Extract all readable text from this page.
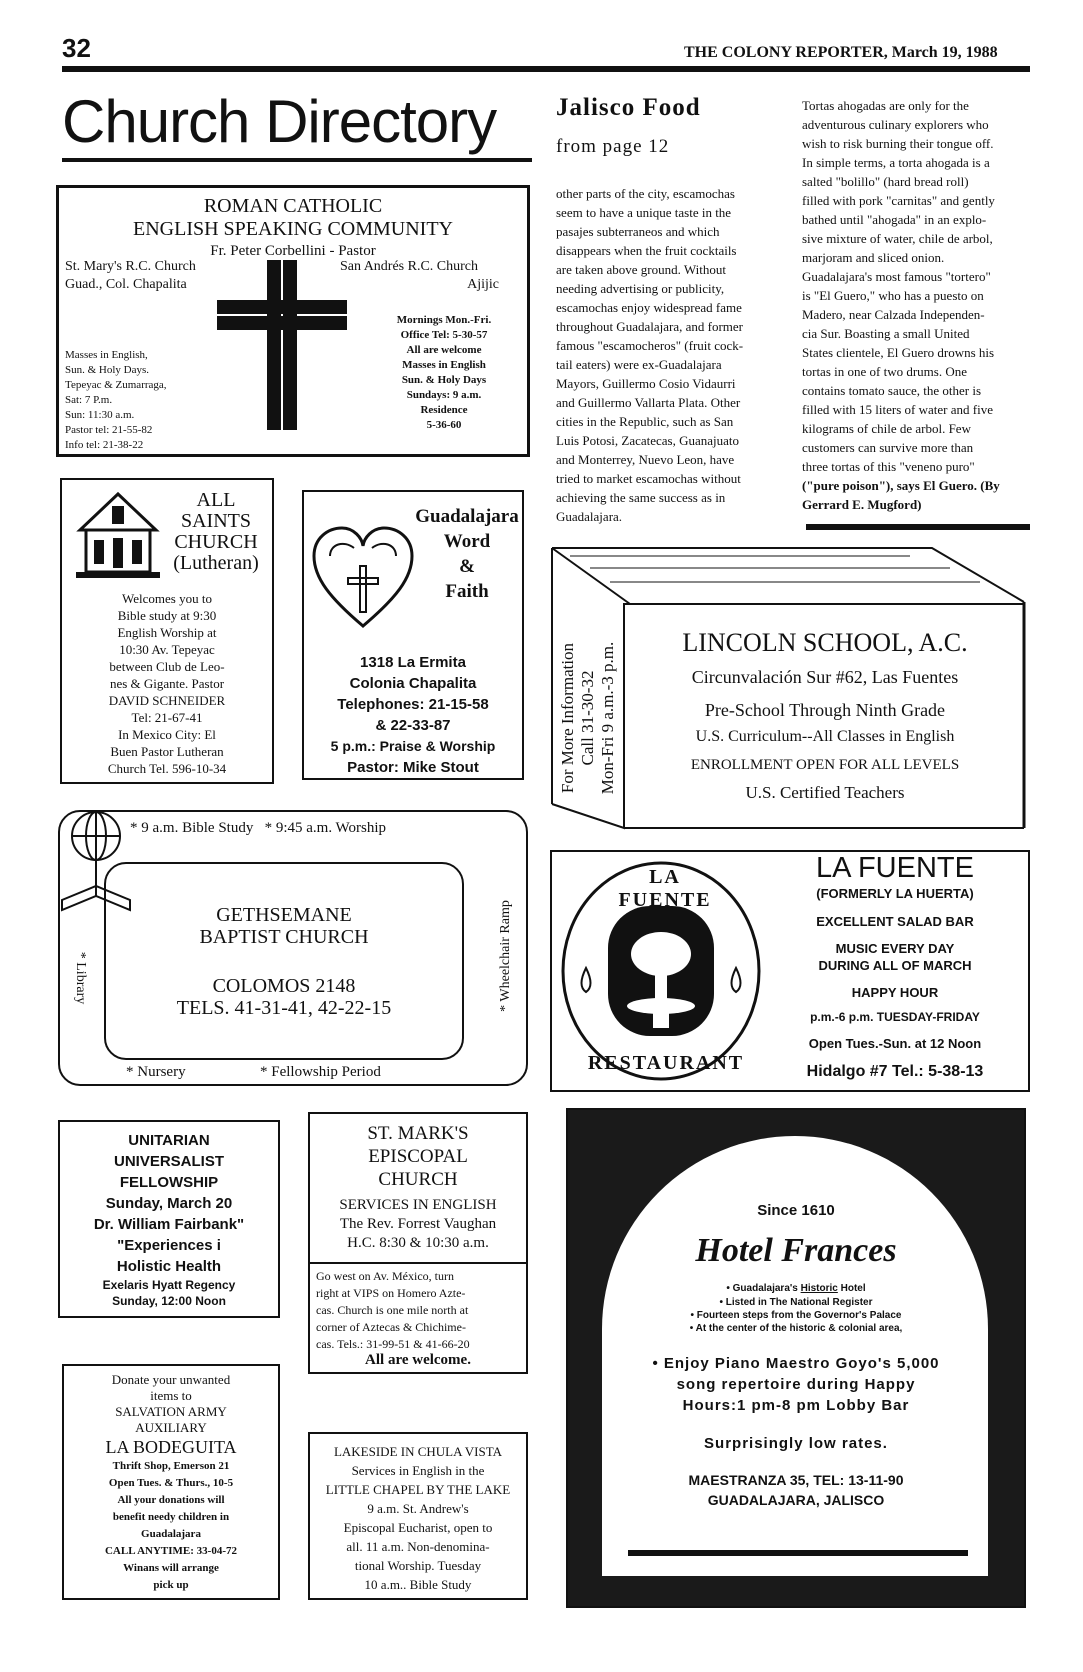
32	THE COLONY REPORTER, March 19, 1988
Church Directory
ROMAN CATHOLIC
ENGLISH SPEAKING COMMUNITY
Fr. Peter Corbellini - Pastor
St. Mary's R.C. Church
Guad., Col. Chapalita
San Andrés R.C. Church
Ajijic
Masses in English,
Sun. & Holy Days.
Tepeyac & Zumarraga,
Sat: 7 P.m.
Sun: 11:30 a.m.
Pastor tel: 21-55-82
Info tel: 21-38-22
Mornings Mon.-Fri.
Office Tel: 5-30-57
All are welcome
Masses in English
Sun. & Holy Days
Sundays: 9 a.m.
Residence
5-36-60
ALL
SAINTS
CHURCH
(Lutheran)
Welcomes you to
Bible study at 9:30
English Worship at
10:30 Av. Tepeyac
between Club de Leo-
nes & Gigante. Pastor
DAVID SCHNEIDER
Tel: 21-67-41
In Mexico City: El
Buen Pastor Lutheran
Church Tel. 596-10-34
Guadalajara
Word
&
Faith
1318 La Ermita
Colonia Chapalita
Telephones: 21-15-58
& 22-33-87
5 p.m.: Praise & Worship
Pastor: Mike Stout
* 9 a.m. Bible Study   * 9:45 a.m. Worship
GETHSEMANE
BAPTIST CHURCH
COLOMOS 2148
TELS. 41-31-41, 42-22-15
* Library	* Wheelchair Ramp
* Nursery	* Fellowship Period
UNITARIAN
UNIVERSALIST
FELLOWSHIP
Sunday, March 20
Dr. William Fairbank"
"Experiences i
Holistic Health
Exelaris Hyatt Regency
Sunday, 12:00 Noon
ST. MARK'S
EPISCOPAL
CHURCH
SERVICES IN ENGLISH
The Rev. Forrest Vaughan
H.C. 8:30 & 10:30 a.m.
Go west on Av. México, turn
right at VIPS on Homero Azte-
cas. Church is one mile north at
corner of Aztecas & Chichime-
cas. Tels.: 31-99-51 & 41-66-20
All are welcome.
Donate your unwanted
items to
SALVATION ARMY
AUXILIARY
LA BODEGUITA
Thrift Shop, Emerson 21
Open Tues. & Thurs., 10-5
All your donations will
benefit needy children in
Guadalajara
CALL ANYTIME: 33-04-72
Winans will arrange
pick up
LAKESIDE IN CHULA VISTA
Services in English in the
LITTLE CHAPEL BY THE LAKE
9 a.m. St. Andrew's
Episcopal Eucharist, open to
all. 11 a.m. Non-denomina-
tional Worship. Tuesday
10 a.m.. Bible Study
Jalisco Food
from page 12
other parts of the city, escamochas
seem to have a unique taste in the
pasajes subterraneos and which
disappears when the fruit cocktails
are taken above ground. Without
needing advertising or publicity,
escamochas enjoy widespread fame
throughout Guadalajara, and former
famous "escamocheros" (fruit cock-
tail eaters) were ex-Guadalajara
Mayors, Guillermo Cosio Vidaurri
and Guillermo Vallarta Plata. Other
cities in the Republic, such as San
Luis Potosi, Zacatecas, Guanajuato
and Monterrey, Nuevo Leon, have
tried to market escamochas without
achieving the same success as in
Guadalajara.
Tortas ahogadas are only for the
adventurous culinary explorers who
wish to risk burning their tongue off.
In simple terms, a torta ahogada is a
salted "bolillo" (hard bread roll)
filled with pork "carnitas" and gently
bathed until "ahogada" in an explo-
sive mixture of water, chile de arbol,
marjoram and sliced onion.
Guadalajara's most famous "tortero"
is "El Guero," who has a puesto on
Madero, near Calzada Independen-
cia Sur. Boasting a small United
States clientele, El Guero drowns his
tortas in one of two drums. One
contains tomato sauce, the other is
filled with 15 liters of water and five
kilograms of chile de arbol. Few
customers can survive more than
three tortas of this "veneno puro"
("pure poison"), says El Guero. (By
Gerrard E. Mugford)
For More Information Call 31-30-32 Mon-Fri 9 a.m.-3 p.m.	LINCOLN SCHOOL, A.C.
Circunvalación Sur #62, Las Fuentes
Pre-School Through Ninth Grade
U.S. Curriculum--All Classes in English
ENROLLMENT OPEN FOR ALL LEVELS
U.S. Certified Teachers
LA FUENTE
RESTAURANT
LA FUENTE
(FORMERLY LA HUERTA)
EXCELLENT SALAD BAR
MUSIC EVERY DAY
DURING ALL OF MARCH
HAPPY HOUR
p.m.-6 p.m. TUESDAY-FRIDAY
Open Tues.-Sun. at 12 Noon
Hidalgo #7 Tel.: 5-38-13
Since 1610
Hotel Frances
• Guadalajara's Historic Hotel
• Listed in The National Register
• Fourteen steps from the Governor's Palace
• At the center of the historic & colonial area,
• Enjoy Piano Maestro Goyo's 5,000
song repertoire during Happy
Hours:1 pm-8 pm Lobby Bar
Surprisingly low rates.
MAESTRANZA 35, TEL: 13-11-90
GUADALAJARA, JALISCO
